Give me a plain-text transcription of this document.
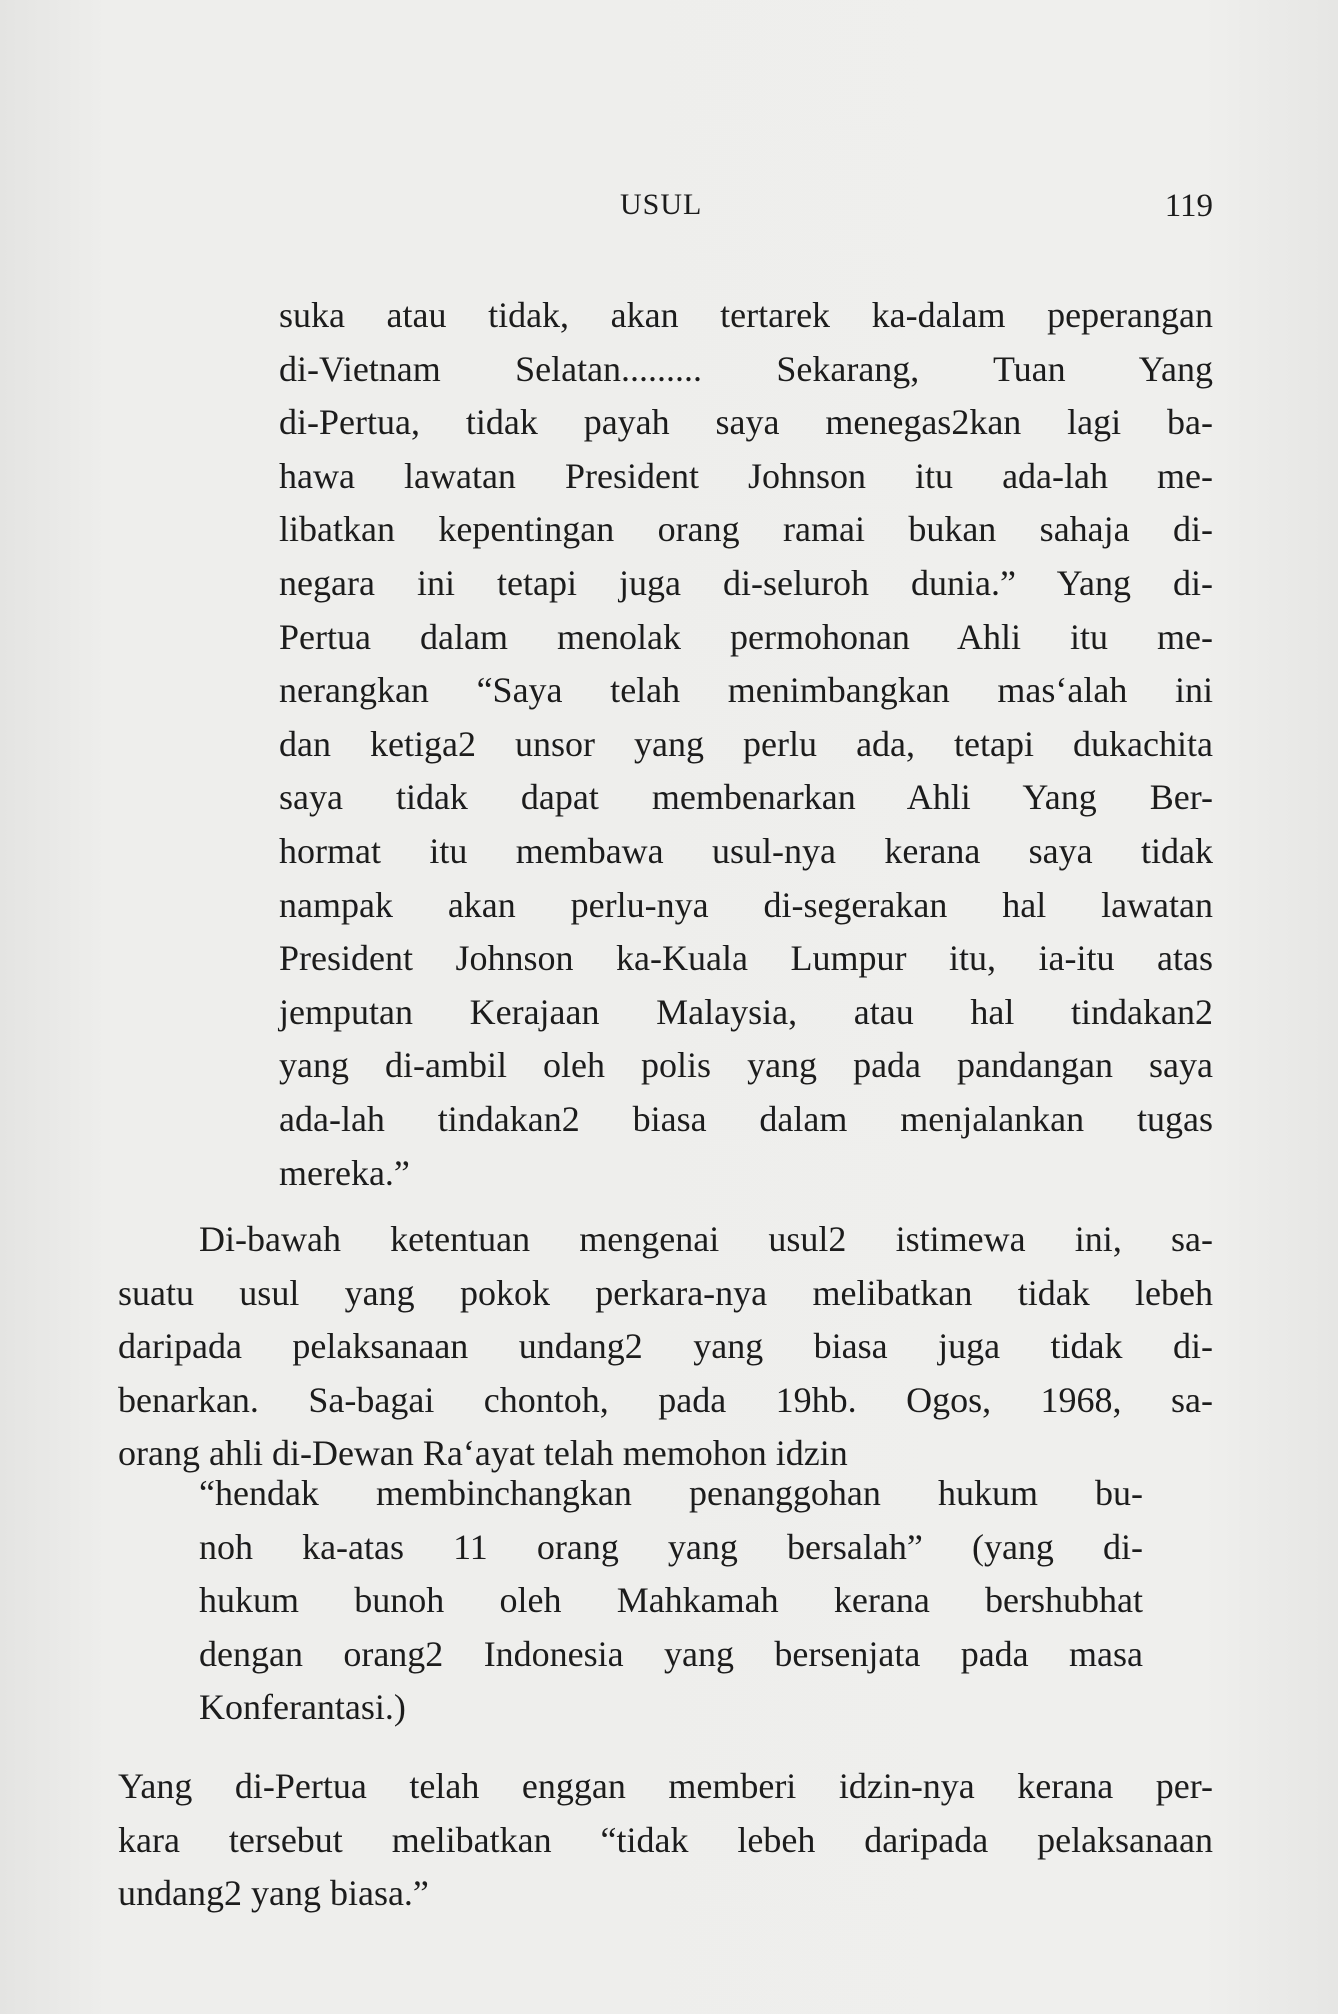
USUL	119
suka atau tidak, akan tertarek ka-dalam peperangan
di-Vietnam Selatan......... Sekarang, Tuan Yang
di-Pertua, tidak payah saya menegas2kan lagi ba-
hawa lawatan President Johnson itu ada-lah me-
libatkan kepentingan orang ramai bukan sahaja di-
negara ini tetapi juga di-seluroh dunia.” Yang di-
Pertua dalam menolak permohonan Ahli itu me-
nerangkan “Saya telah menimbangkan mas‘alah ini
dan ketiga2 unsor yang perlu ada, tetapi dukachita
saya tidak dapat membenarkan Ahli Yang Ber-
hormat itu membawa usul-nya kerana saya tidak
nampak akan perlu-nya di-segerakan hal lawatan
President Johnson ka-Kuala Lumpur itu, ia-itu atas
jemputan Kerajaan Malaysia, atau hal tindakan2
yang di-ambil oleh polis yang pada pandangan saya
ada-lah tindakan2 biasa dalam menjalankan tugas
mereka.”
Di-bawah ketentuan mengenai usul2 istimewa ini, sa-
suatu usul yang pokok perkara-nya melibatkan tidak lebeh
daripada pelaksanaan undang2 yang biasa juga tidak di-
benarkan. Sa-bagai chontoh, pada 19hb. Ogos, 1968, sa-
orang ahli di-Dewan Ra‘ayat telah memohon idzin
“hendak membinchangkan penanggohan hukum bu-
noh ka-atas 11 orang yang bersalah” (yang di-
hukum bunoh oleh Mahkamah kerana bershubhat
dengan orang2 Indonesia yang bersenjata pada masa
Konferantasi.)
Yang di-Pertua telah enggan memberi idzin-nya kerana per-
kara tersebut melibatkan “tidak lebeh daripada pelaksanaan
undang2 yang biasa.”
